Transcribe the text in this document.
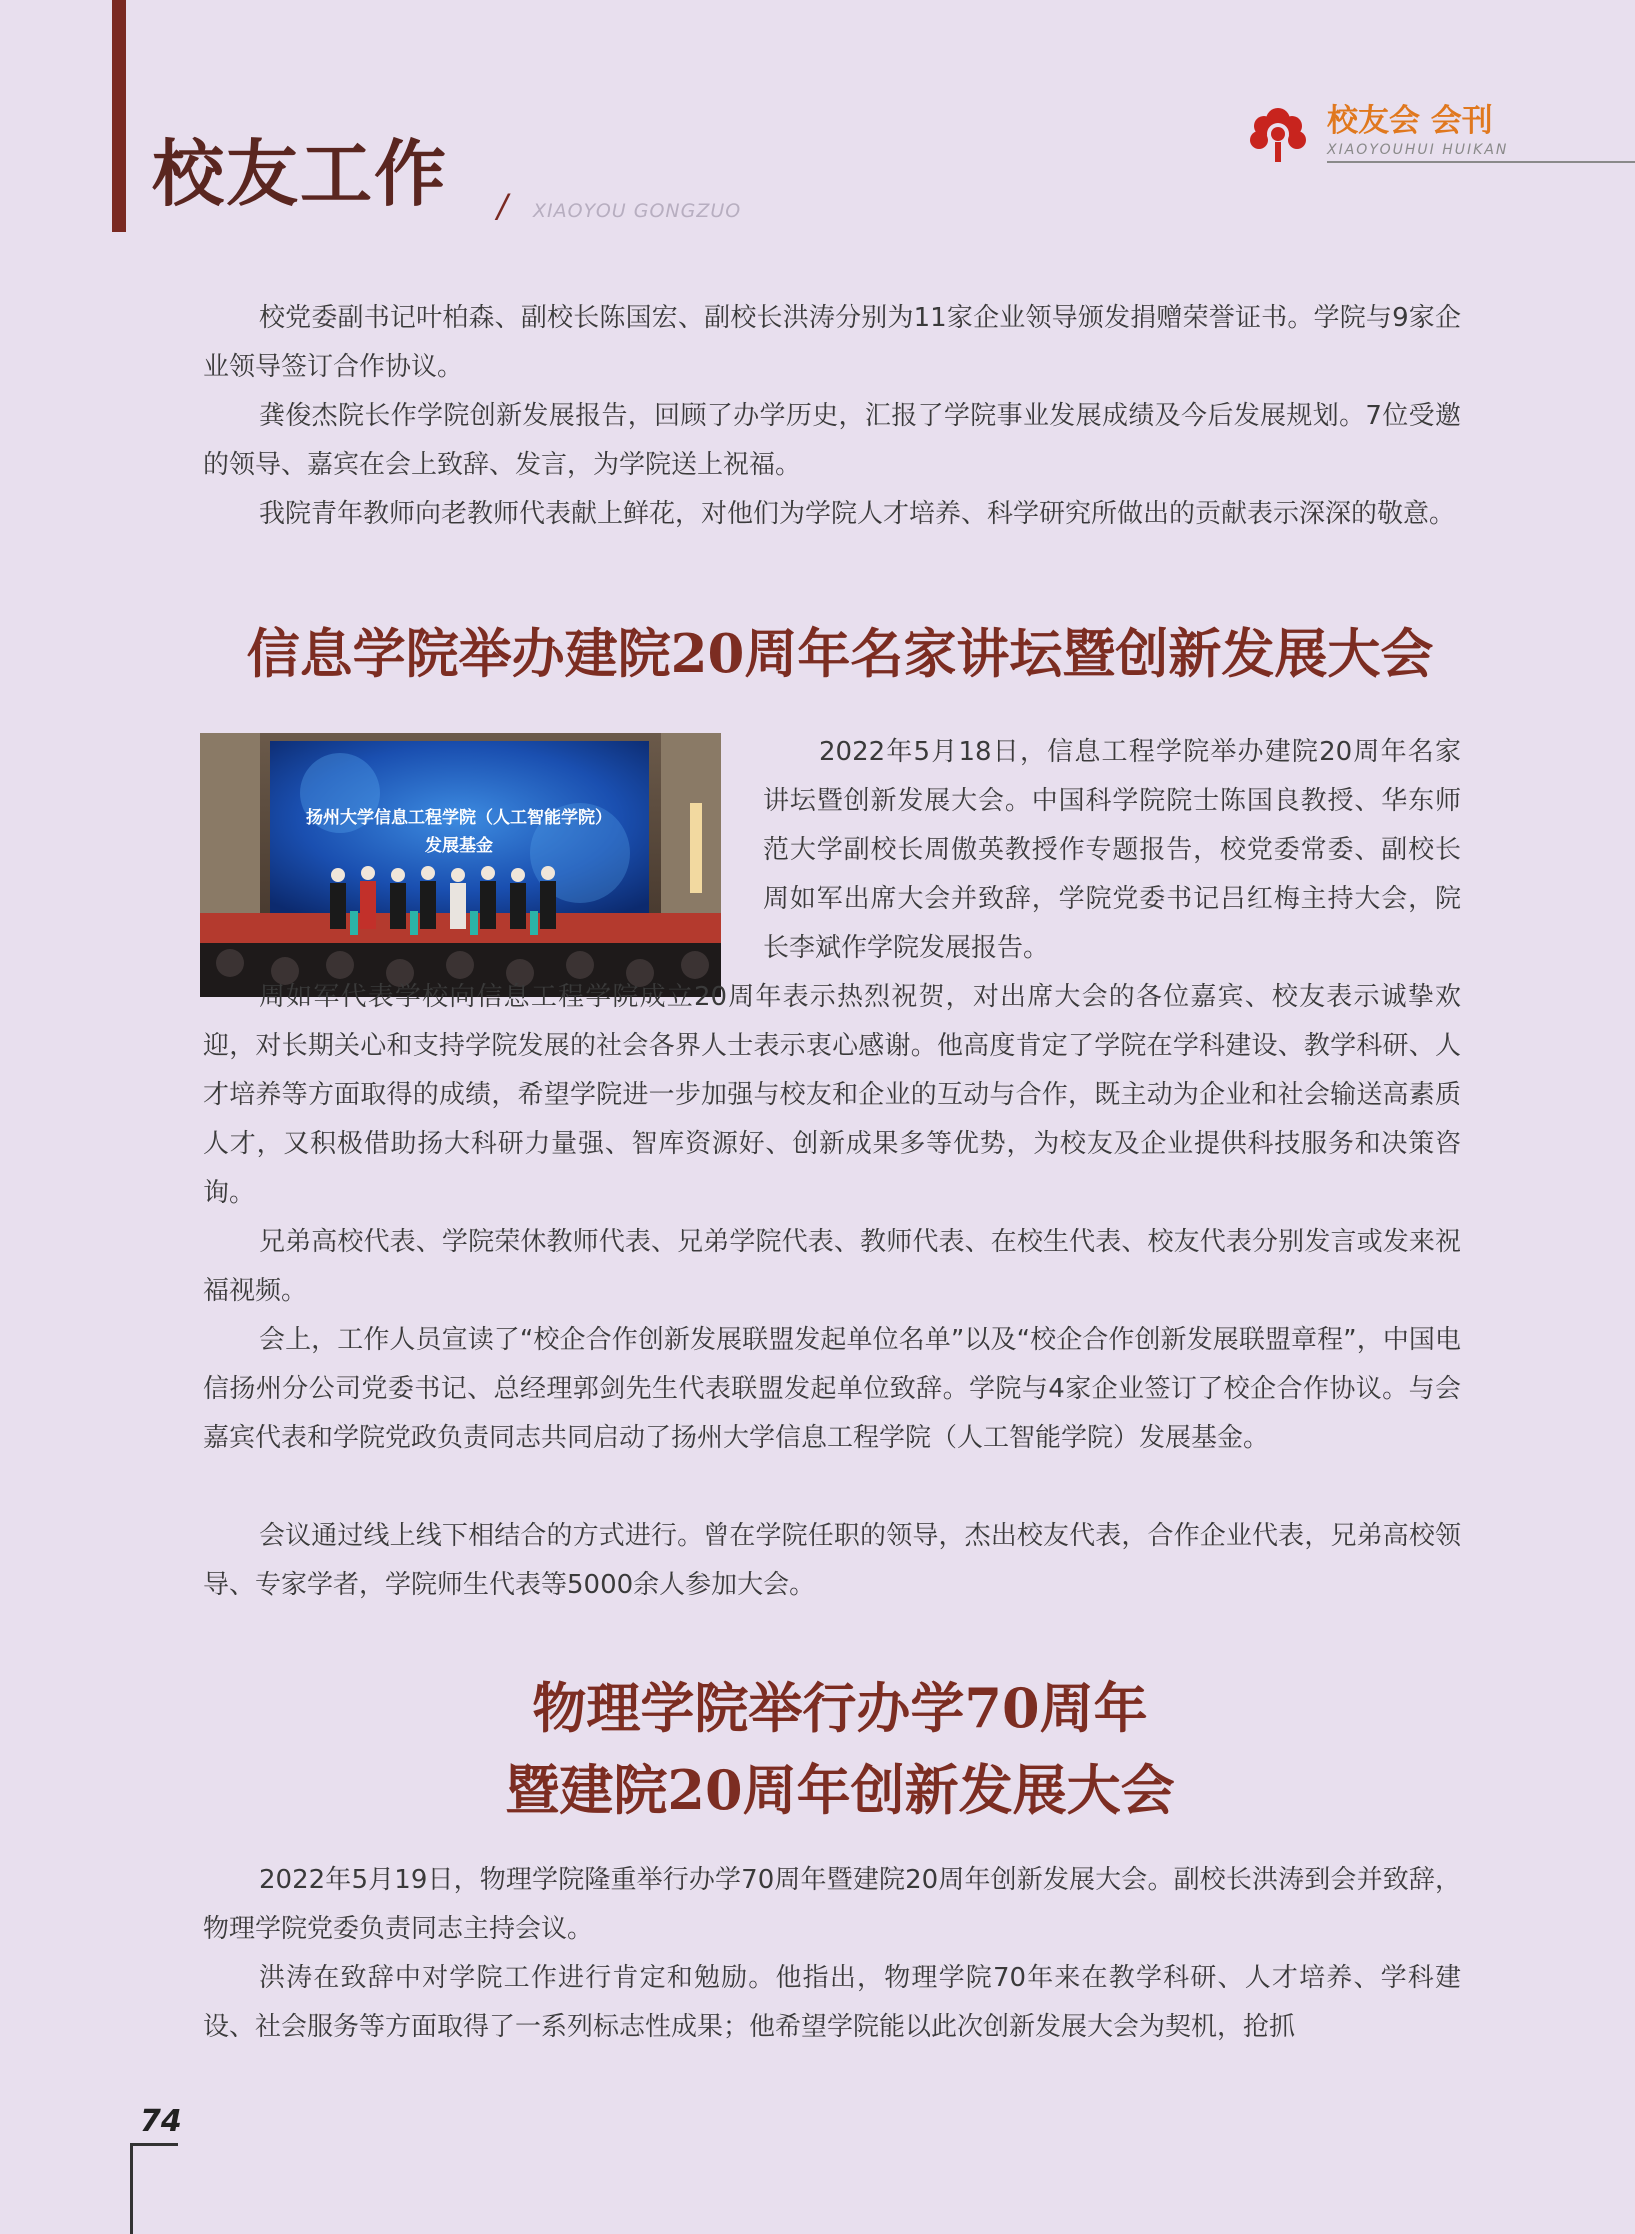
校友工作 / XIAOYOU GONGZUO
校友会 会刊
XIAOYOUHUI HUIKAN

校党委副书记叶柏森、副校长陈国宏、副校长洪涛分别为11家企业领导颁发捐赠荣誉证书。学院与9家企业领导签订合作协议。

龚俊杰院长作学院创新发展报告，回顾了办学历史，汇报了学院事业发展成绩及今后发展规划。7位受邀的领导、嘉宾在会上致辞、发言，为学院送上祝福。

我院青年教师向老教师代表献上鲜花，对他们为学院人才培养、科学研究所做出的贡献表示深深的敬意。

信息学院举办建院20周年名家讲坛暨创新发展大会
扬州大学信息工程学院（人工智能学院）
发展基金

2022年5月18日，信息工程学院举办建院20周年名家讲坛暨创新发展大会。中国科学院院士陈国良教授、华东师范大学副校长周傲英教授作专题报告，校党委常委、副校长周如军出席大会并致辞，学院党委书记吕红梅主持大会，院长李斌作学院发展报告。

周如军代表学校向信息工程学院成立20周年表示热烈祝贺，对出席大会的各位嘉宾、校友表示诚挚欢迎，对长期关心和支持学院发展的社会各界人士表示衷心感谢。他高度肯定了学院在学科建设、教学科研、人才培养等方面取得的成绩，希望学院进一步加强与校友和企业的互动与合作，既主动为企业和社会输送高素质人才，又积极借助扬大科研力量强、智库资源好、创新成果多等优势，为校友及企业提供科技服务和决策咨询。

兄弟高校代表、学院荣休教师代表、兄弟学院代表、教师代表、在校生代表、校友代表分别发言或发来祝福视频。

会上，工作人员宣读了“校企合作创新发展联盟发起单位名单”以及“校企合作创新发展联盟章程”，中国电信扬州分公司党委书记、总经理郭剑先生代表联盟发起单位致辞。学院与4家企业签订了校企合作协议。与会嘉宾代表和学院党政负责同志共同启动了扬州大学信息工程学院（人工智能学院）发展基金。

会议通过线上线下相结合的方式进行。曾在学院任职的领导，杰出校友代表，合作企业代表，兄弟高校领导、专家学者，学院师生代表等5000余人参加大会。

物理学院举行办学70周年
暨建院20周年创新发展大会

2022年5月19日，物理学院隆重举行办学70周年暨建院20周年创新发展大会。副校长洪涛到会并致辞，物理学院党委负责同志主持会议。

洪涛在致辞中对学院工作进行肯定和勉励。他指出，物理学院70年来在教学科研、人才培养、学科建设、社会服务等方面取得了一系列标志性成果；他希望学院能以此次创新发展大会为契机，抢抓

74
